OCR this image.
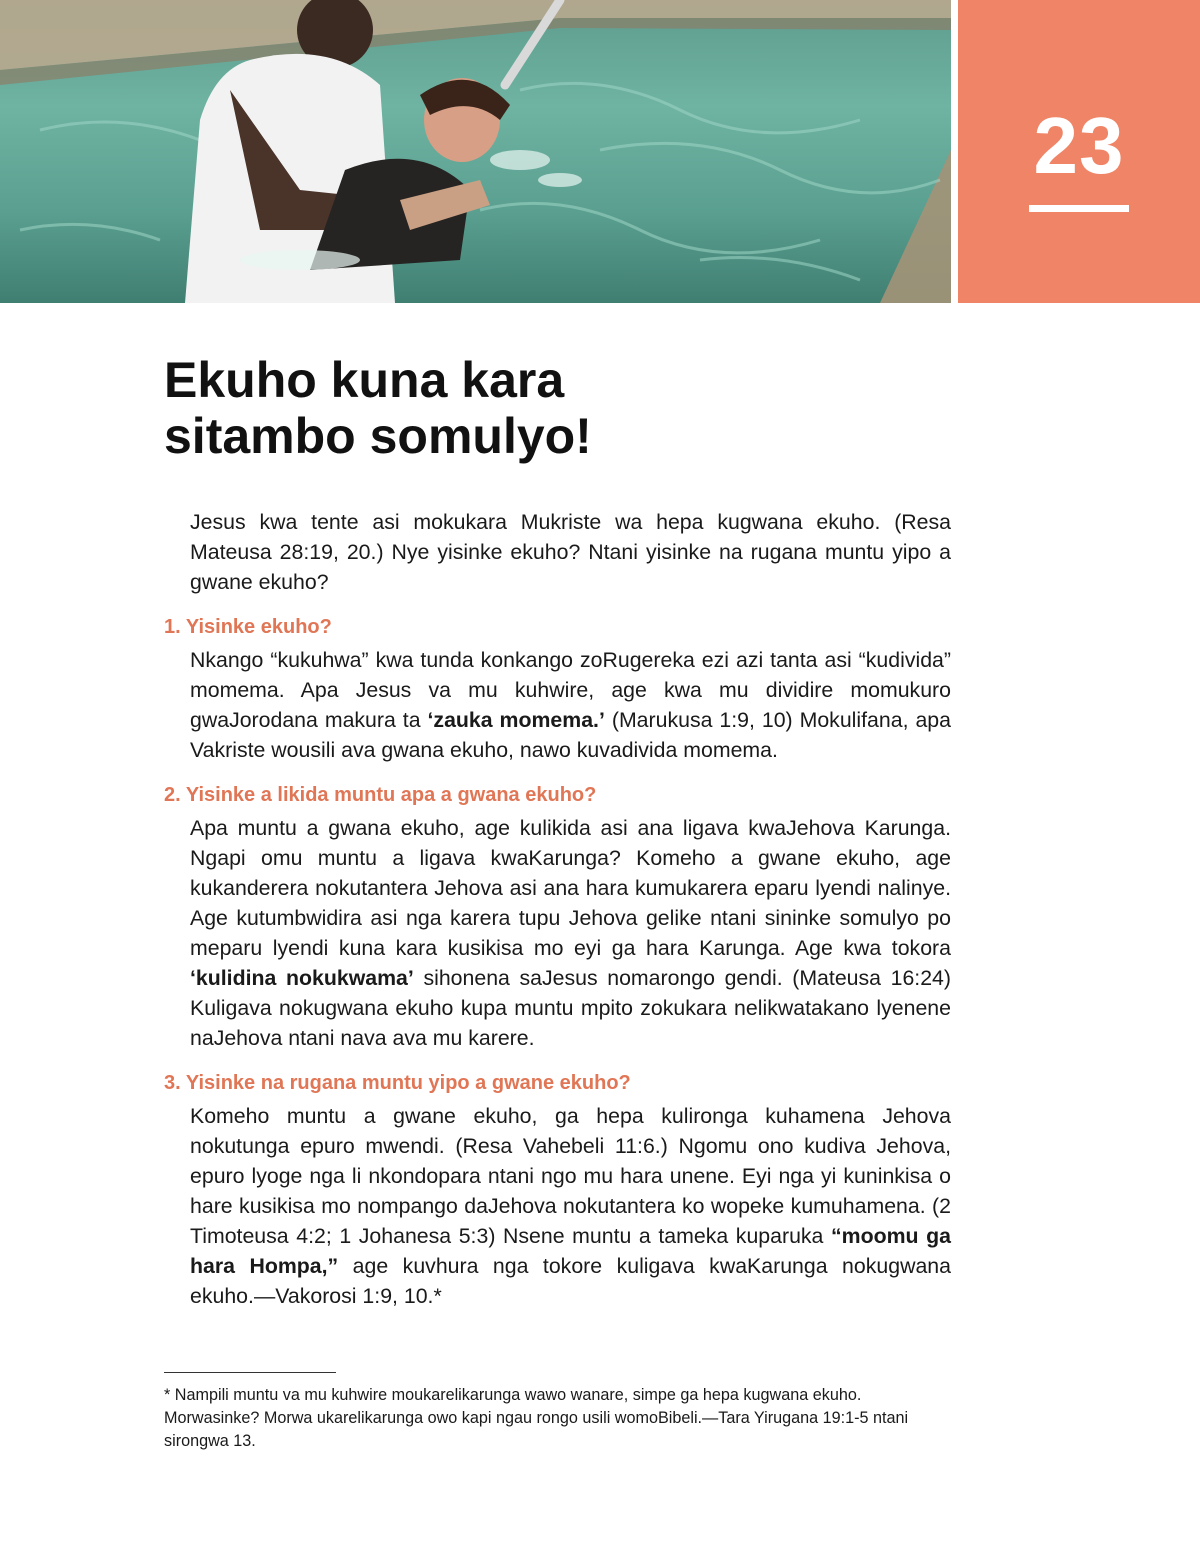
23
Ekuho kuna kara
sitambo somulyo!

Jesus kwa tente asi mokukara Mukriste wa hepa kugwana ekuho. (Resa Mateusa 28:19, 20.) Nye yisinke ekuho? Ntani yisinke na rugana muntu yipo a gwane ekuho?

1. Yisinke ekuho?

Nkango “kukuhwa” kwa tunda konkango zoRugereka ezi azi tanta asi “kudivida” momema. Apa Jesus va mu kuhwire, age kwa mu dividire momukuro gwaJorodana makura ta ‘zauka momema.’ (Marukusa 1:9, 10) Mokulifana, apa Vakriste wousili ava gwana ekuho, nawo kuvadivida momema.

2. Yisinke a likida muntu apa a gwana ekuho?

Apa muntu a gwana ekuho, age kulikida asi ana ligava kwaJehova Karunga. Ngapi omu muntu a ligava kwaKarunga? Komeho a gwane ekuho, age kukanderera nokutantera Jehova asi ana hara kumukarera eparu lyendi nalinye. Age kutumbwidira asi nga karera tupu Jehova gelike ntani sininke somulyo po meparu lyendi kuna kara kusikisa mo eyi ga hara Karunga. Age kwa tokora ‘kulidina nokukwama’ sihonena saJesus nomarongo gendi. (Mateusa 16:24) Kuligava nokugwana ekuho kupa muntu mpito zokukara nelikwatakano lyenene naJehova ntani nava ava mu karere.

3. Yisinke na rugana muntu yipo a gwane ekuho?

Komeho muntu a gwane ekuho, ga hepa kulironga kuhamena Jehova nokutunga epuro mwendi. (Resa Vahebeli 11:6.) Ngomu ono kudiva Jehova, epuro lyoge nga li nkondopara ntani ngo mu hara unene. Eyi nga yi kuninkisa o hare kusikisa mo nompango daJehova nokutantera ko wopeke kumuhamena. (2 Timoteusa 4:2; 1 Johanesa 5:3) Nsene muntu a tameka kuparuka “moomu ga hara Hompa,” age kuvhura nga tokore kuligava kwaKarunga nokugwana ekuho.—Vakorosi 1:9, 10.*

* Nampili muntu va mu kuhwire moukarelikarunga wawo wanare, simpe ga hepa kugwana ekuho. Morwasinke? Morwa ukarelikarunga owo kapi ngau rongo usili womoBibeli.—Tara Yirugana 19:1-5 ntani sirongwa 13.
